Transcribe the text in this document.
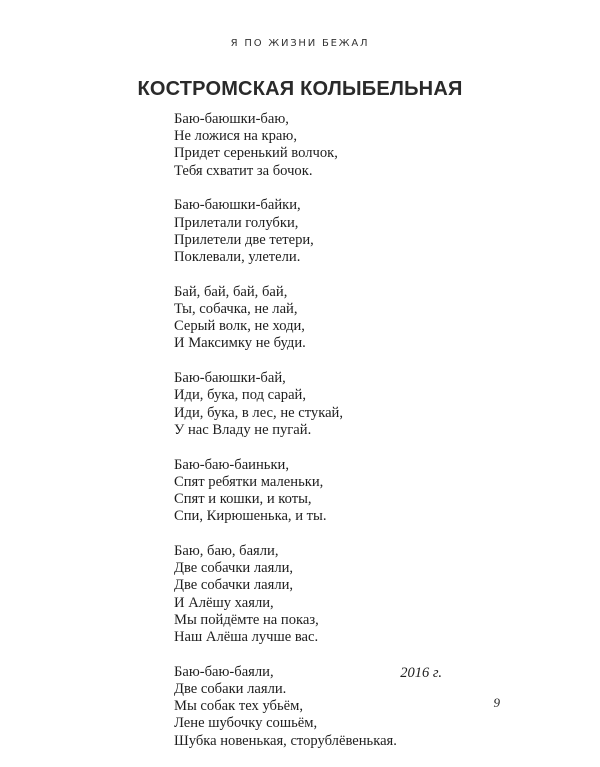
Я ПО ЖИЗНИ БЕЖАЛ
КОСТРОМСКАЯ КОЛЫБЕЛЬНАЯ
Баю-баюшки-баю,
Не ложися на краю,
Придет серенький волчок,
Тебя схватит за бочок.
Баю-баюшки-байки,
Прилетали голубки,
Прилетели две тетери,
Поклевали, улетели.
Бай, бай, бай, бай,
Ты, собачка, не лай,
Серый волк, не ходи,
И Максимку не буди.
Баю-баюшки-бай,
Иди, бука, под сарай,
Иди, бука, в лес, не стукай,
У нас Владу не пугай.
Баю-баю-баиньки,
Спят ребятки маленьки,
Спят и кошки, и коты,
Спи, Кирюшенька, и ты.
Баю, баю, баяли,
Две собачки лаяли,
Две собачки лаяли,
И Алёшу хаяли,
Мы пойдёмте на показ,
Наш Алёша лучше вас.
Баю-баю-баяли,
Две собаки лаяли.
Мы собак тех убьём,
Лене шубочку сошьём,
Шубка новенькая, сторублёвенькая.
2016 г.
9
